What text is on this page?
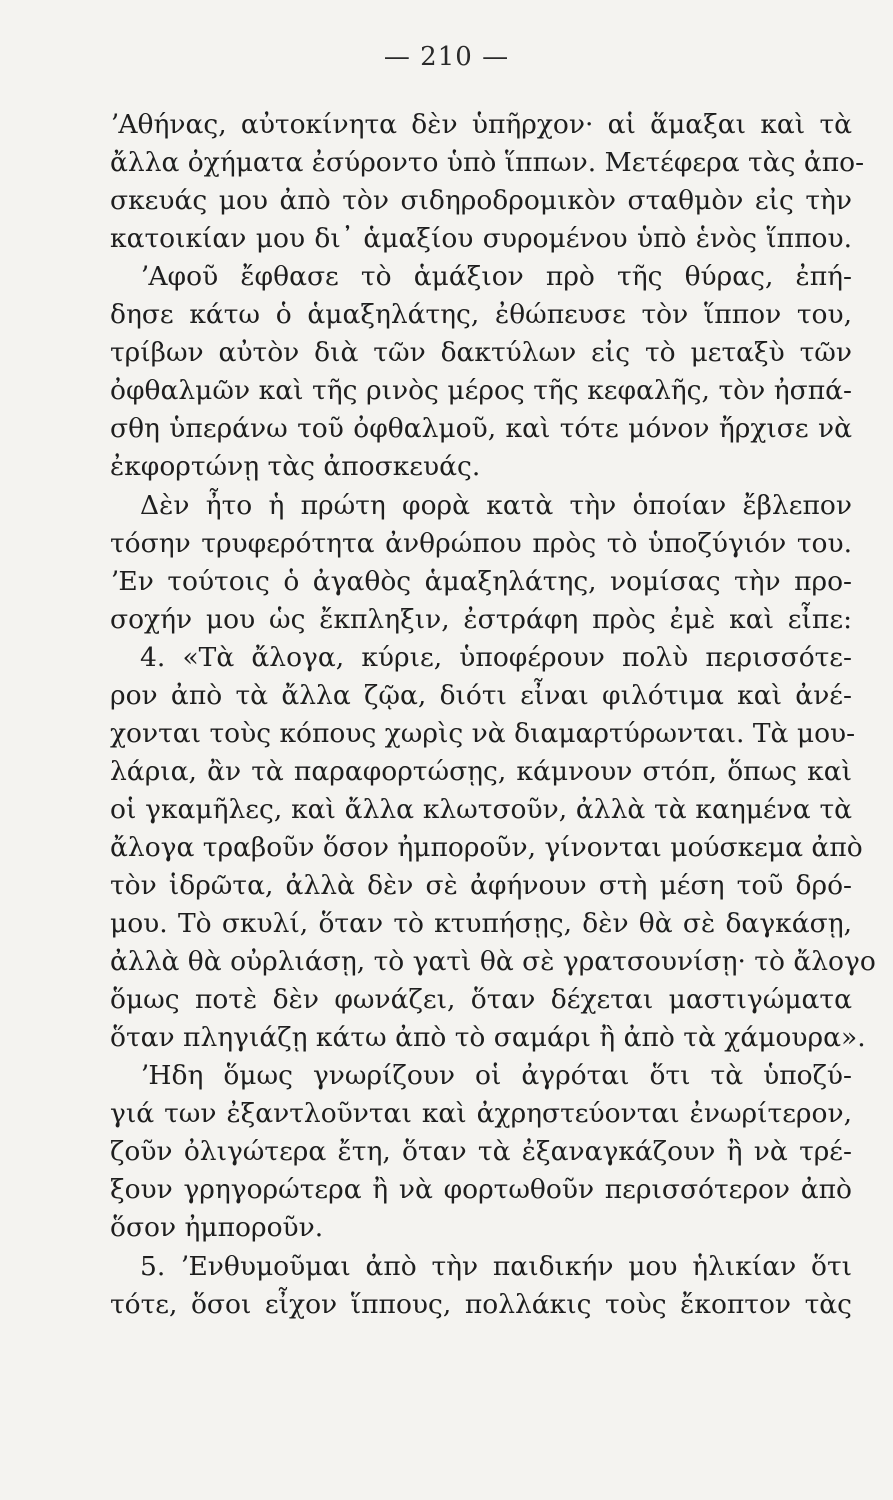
— 210 —
ʼΑθήνας, αὐτοκίνητα δὲν ὑπῆρχον· αἱ ἅμαξαι καὶ τὰ
ἄλλα ὀχήματα ἐσύροντο ὑπὸ ἵππων. Μετέφερα τὰς ἀπο-
σκευάς μου ἀπὸ τὸν σιδηροδρομικὸν σταθμὸν εἰς τὴν
κατοικίαν μου δι᾿ ἁμαξίου συρομένου ὑπὸ ἑνὸς ἵππου.
ʼΑφοῦ ἔφθασε τὸ ἁμάξιον πρὸ τῆς θύρας, ἐπή-
δησε κάτω ὁ ἁμαξηλάτης, ἐθώπευσε τὸν ἵππον του,
τρίβων αὐτὸν διὰ τῶν δακτύλων εἰς τὸ μεταξὺ τῶν
ὀφθαλμῶν καὶ τῆς ρινὸς μέρος τῆς κεφαλῆς, τὸν ἠσπά-
σθη ὑπεράνω τοῦ ὀφθαλμοῦ, καὶ τότε μόνον ἤρχισε νὰ
ἐκφορτώνῃ τὰς ἀποσκευάς.
Δὲν ἦτο ἡ πρώτη φορὰ κατὰ τὴν ὁποίαν ἔβλεπον
τόσην τρυφερότητα ἀνθρώπου πρὸς τὸ ὑποζύγιόν του.
ʼΕν τούτοις ὁ ἀγαθὸς ἁμαξηλάτης, νομίσας τὴν προ-
σοχήν μου ὡς ἔκπληξιν, ἐστράφη πρὸς ἐμὲ καὶ εἶπε:
4. «Τὰ ἄλογα, κύριε, ὑποφέρουν πολὺ περισσότε-
ρον ἀπὸ τὰ ἄλλα ζῷα, διότι εἶναι φιλότιμα καὶ ἀνέ-
χονται τοὺς κόπους χωρὶς νὰ διαμαρτύρωνται. Τὰ μου-
λάρια, ἂν τὰ παραφορτώσῃς, κάμνουν στόπ, ὅπως καὶ
οἱ γκαμῆλες, καὶ ἄλλα κλωτσοῦν, ἀλλὰ τὰ καημένα τὰ
ἄλογα τραβοῦν ὅσον ἠμποροῦν, γίνονται μούσκεμα ἀπὸ
τὸν ἱδρῶτα, ἀλλὰ δὲν σὲ ἀφήνουν στὴ μέση τοῦ δρό-
μου. Τὸ σκυλί, ὅταν τὸ κτυπήσῃς, δὲν θὰ σὲ δαγκάσῃ,
ἀλλὰ θὰ οὐρλιάσῃ, τὸ γατὶ θὰ σὲ γρατσουνίσῃ· τὸ ἄλογο
ὅμως ποτὲ δὲν φωνάζει, ὅταν δέχεται μαστιγώματα
ὅταν πληγιάζῃ κάτω ἀπὸ τὸ σαμάρι ἢ ἀπὸ τὰ χάμουρα».
ʼΗδη ὅμως γνωρίζουν οἱ ἀγρόται ὅτι τὰ ὑποζύ-
γιά των ἐξαντλοῦνται καὶ ἀχρηστεύονται ἐνωρίτερον,
ζοῦν ὀλιγώτερα ἔτη, ὅταν τὰ ἐξαναγκάζουν ἢ νὰ τρέ-
ξουν γρηγορώτερα ἢ νὰ φορτωθοῦν περισσότερον ἀπὸ
ὅσον ἠμποροῦν.
5. ʼΕνθυμοῦμαι ἀπὸ τὴν παιδικήν μου ἡλικίαν ὅτι
τότε, ὅσοι εἶχον ἵππους, πολλάκις τοὺς ἔκοπτον τὰς
